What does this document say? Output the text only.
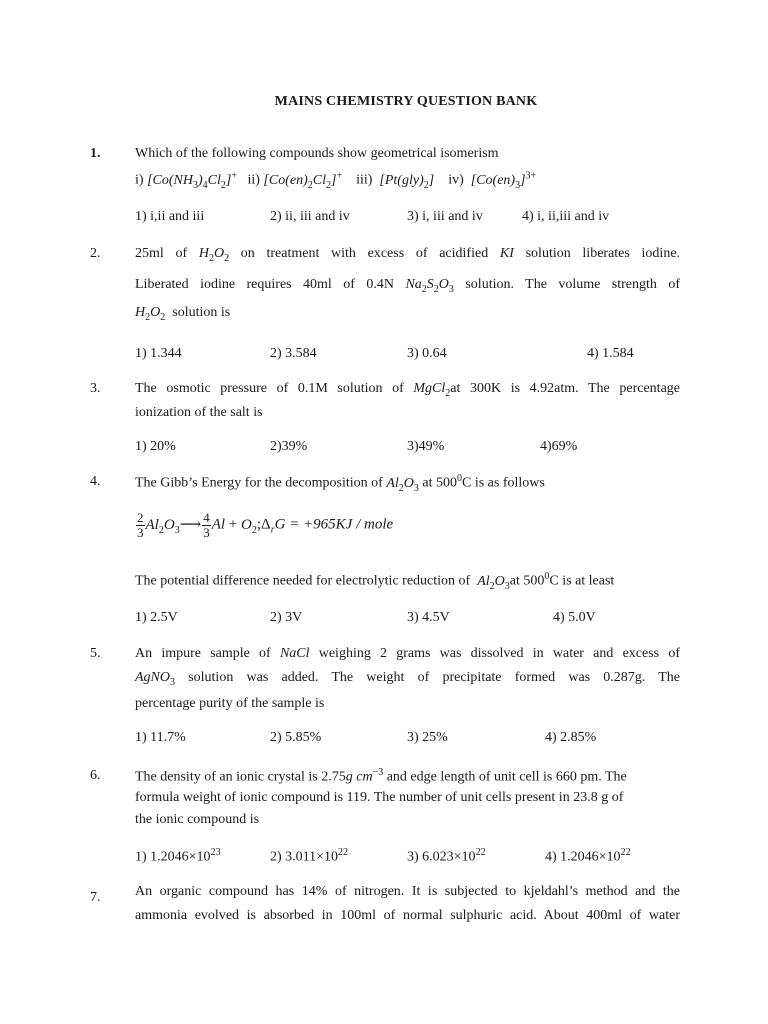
MAINS CHEMISTRY QUESTION BANK
1.	Which of the following compounds show geometrical isomerism
i) $[Co(NH_3)_4Cl_2]^+$ ii) $[Co(en)_2Cl_2]^+$ iii) $[Pt(gly)_2]$ iv) $[Co(en)_3]^{3+}$
1) i,ii and iii	2) ii, iii and iv	3) i, iii and iv	4) i, ii,iii and iv
2.	25ml of $H_2O_2$ on treatment with excess of acidified KI solution liberates iodine.
Liberated iodine requires 40ml of 0.4N $Na_2S_2O_3$ solution. The volume strength of
$H_2O_2$ solution is
1) 1.344	2) 3.584	3) 0.64	4) 1.584
3.	The osmotic pressure of 0.1M solution of MgCl$_2$at 300K is 4.92atm. The percentage
ionization of the salt is
1) 20%	2)39%	3)49%	4)69%
4.	The Gibb’s Energy for the decomposition of $Al_2O_3$ at $500^0C$ is as follows
$\frac{2}{3}$ $Al_2O_3⟶ \frac{4}{3}$ $Al + O_2;\Delta_rG = +965KJ$ / mole
The potential difference needed for electrolytic reduction of $Al_2O_3at$ $500^0C$ is at least
1) 2.5V	2) 3V	3) 4.5V	4) 5.0V
5.	An impure sample of NaCl weighing 2 grams was dissolved in water and excess of
AgNO$_3$ solution was added. The weight of precipitate formed was 0.287g. The
percentage purity of the sample is
1) 11.7%	2) 5.85%	3) 25%	4) 2.85%
6.	The density of an ionic crystal is 2.75g $cm^{-3}$ and edge length of unit cell is 660 pm. The
formula weight of ionic compound is 119. The number of unit cells present in 23.8 g of
the ionic compound is
1) $1.2046\times 10^{23}$	2) $3.011\times 10^{22}$	3) $6.023\times 10^{22}$	4) $1.2046\times 10^{22}$
7.	An organic compound has 14% of nitrogen. It is subjected to kjeldahl’s method and the
ammonia evolved is absorbed in 100ml of normal sulphuric acid. About 400ml of water
